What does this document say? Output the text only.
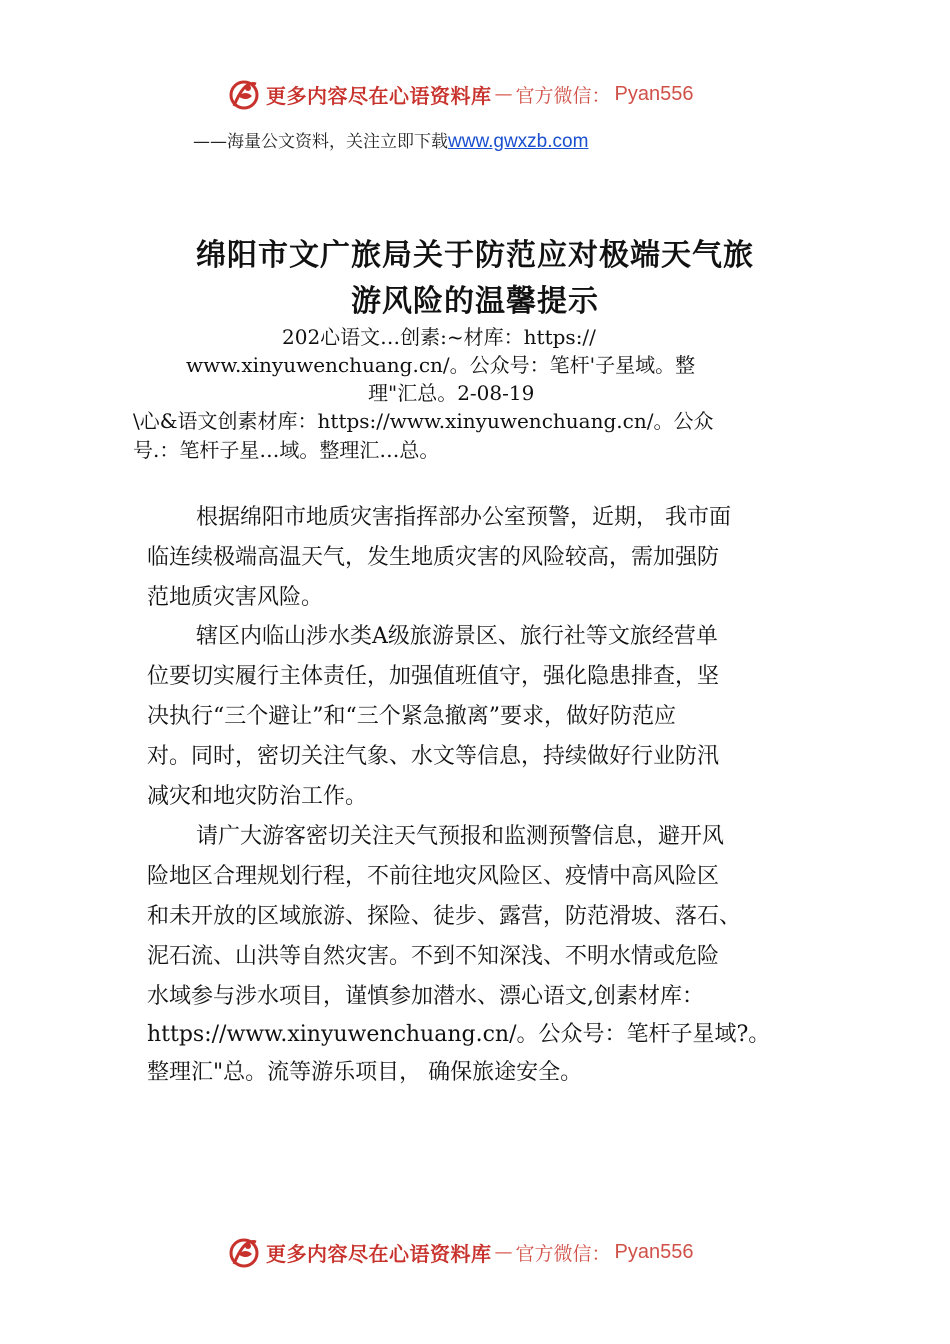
更多内容尽在心语资料库 — 官方微信： Pyan556
——海量公文资料，关注立即下载www.gwxzb.com
绵阳市文广旅局关于防范应对极端天气旅
游风险的温馨提示
202心语文…创素:~材库：https://
www.xinyuwenchuang.cn/。公众号：笔杆'子星域。整
理"汇总。2-08-19
\心&语文创素材库：https://www.xinyuwenchuang.cn/。公众
号.：笔杆子星…域。整理汇…总。
根据绵阳市地质灾害指挥部办公室预警，近期， 我市面
临连续极端高温天气，发生地质灾害的风险较高，需加强防
范地质灾害风险。
辖区内临山涉水类A级旅游景区、旅行社等文旅经营单
位要切实履行主体责任，加强值班值守，强化隐患排查，坚
决执行“三个避让”和“三个紧急撤离”要求，做好防范应
对。同时，密切关注气象、水文等信息，持续做好行业防汛
减灾和地灾防治工作。
请广大游客密切关注天气预报和监测预警信息，避开风
险地区合理规划行程，不前往地灾风险区、疫情中高风险区
和未开放的区域旅游、探险、徒步、露营，防范滑坡、落石、
泥石流、山洪等自然灾害。不到不知深浅、不明水情或危险
水域参与涉水项目，谨慎参加潜水、漂心语文,创素材库：
https://www.xinyuwenchuang.cn/。公众号：笔杆子星域?。
整理汇"总。流等游乐项目， 确保旅途安全。
更多内容尽在心语资料库 — 官方微信： Pyan556
